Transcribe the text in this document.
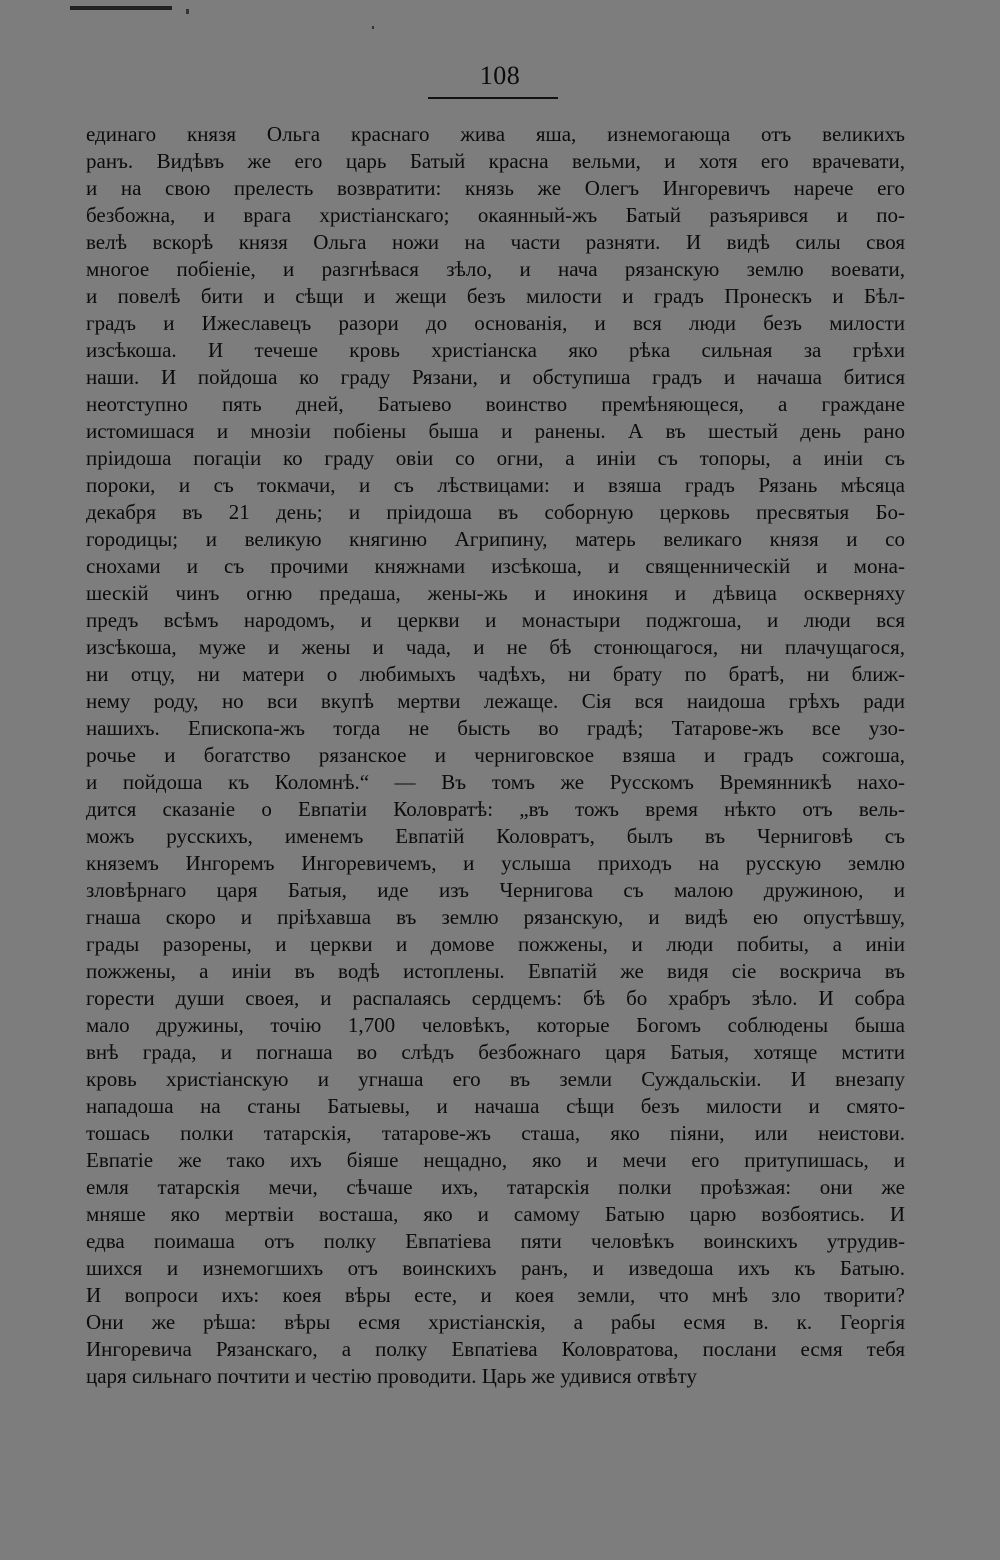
108
единаго князя Ольга краснаго жива яша, изнемогающа отъ великихъ
ранъ. Видѣвъ же его царь Батый красна вельми, и хотя его врачевати,
и на свою прелесть возвратити: князь же Олегъ Ингоревичъ нарече его
безбожна, и врага христіанскаго; окаянный-жъ Батый разъярився и по-
велѣ вскорѣ князя Ольга ножи на части разняти. И видѣ силы своя
многое побіеніе, и разгнѣвася зѣло, и нача рязанскую землю воевати,
и повелѣ бити и сѣщи и жещи безъ милости и градъ Пронескъ и Бѣл-
градъ и Ижеславецъ разори до основанія, и вся люди безъ милости
изсѣкоша. И течеше кровь христіанска яко рѣка сильная за грѣхи
наши. И пойдоша ко граду Рязани, и обступиша градъ и начаша битися
неотступно пять дней, Батыево воинство премѣняющеся, а граждане
истомишася и мнозіи побіены быша и ранены. А въ шестый день рано
пріидоша погаціи ко граду овіи со огни, а иніи съ топоры, а иніи съ
пороки, и съ токмачи, и съ лѣствицами: и взяша градъ Рязань мѣсяца
декабря въ 21 день; и пріидоша въ соборную церковь пресвятыя Бо-
городицы; и великую княгиню Агрипину, матерь великаго князя и со
снохами и съ прочими княжнами изсѣкоша, и священническій и мона-
шескій чинъ огню предаша, жены-жь и инокиня и дѣвица оскверняху
предъ всѣмъ народомъ, и церкви и монастыри поджгоша, и люди вся
изсѣкоша, муже и жены и чада, и не бѣ стонющагося, ни плачущагося,
ни отцу, ни матери о любимыхъ чадѣхъ, ни брату по братѣ, ни ближ-
нему роду, но вси вкупѣ мертви лежаще. Сія вся наидоша грѣхъ ради
нашихъ. Епископа-жъ тогда не бысть во градѣ; Татарове-жъ все узо-
рочье и богатство рязанское и черниговское взяша и градъ сожгоша,
и пойдоша къ Коломнѣ.“ — Въ томъ же Русскомъ Времянникѣ нахо-
дится сказаніе о Евпатіи Коловратѣ: „въ тожъ время нѣкто отъ вель-
можъ русскихъ, именемъ Евпатій Коловратъ, былъ въ Черниговѣ съ
княземъ Ингоремъ Ингоревичемъ, и услыша приходъ на русскую землю
зловѣрнаго царя Батыя, иде изъ Чернигова съ малою дружиною, и
гнаша скоро и пріѣхавша въ землю рязанскую, и видѣ ею опустѣвшу,
грады разорены, и церкви и домове пожжены, и люди побиты, а иніи
пожжены, а иніи въ водѣ истоплены. Евпатій же видя сіе воскрича въ
горести души своея, и распалаясь сердцемъ: бѣ бо храбръ зѣло. И собра
мало дружины, точію 1,700 человѣкъ, которые Богомъ соблюдены быша
внѣ града, и погнаша во слѣдъ безбожнаго царя Батыя, хотяще мстити
кровь христіанскую и угнаша его въ земли Суждальскіи. И внезапу
нападоша на станы Батыевы, и начаша сѣщи безъ милости и смято-
тошась полки татарскія, татарове-жъ сташа, яко піяни, или неистови.
Евпатіе же тако ихъ біяше нещадно, яко и мечи его притупишась, и
емля татарскія мечи, сѣчаше ихъ, татарскія полки проѣзжая: они же
мняше яко мертвіи восташа, яко и самому Батыю царю возбоятись. И
едва поимаша отъ полку Евпатіева пяти человѣкъ воинскихъ утрудив-
шихся и изнемогшихъ отъ воинскихъ ранъ, и изведоша ихъ къ Батыю.
И вопроси ихъ: коея вѣры есте, и коея земли, что мнѣ зло творити?
Они же рѣша: вѣры есмя христіанскія, а рабы есмя в. к. Георгія
Ингоревича Рязанскаго, а полку Евпатіева Коловратова, послани есмя тебя
царя сильнаго почтити и честію проводити. Царь же удивися отвѣту
